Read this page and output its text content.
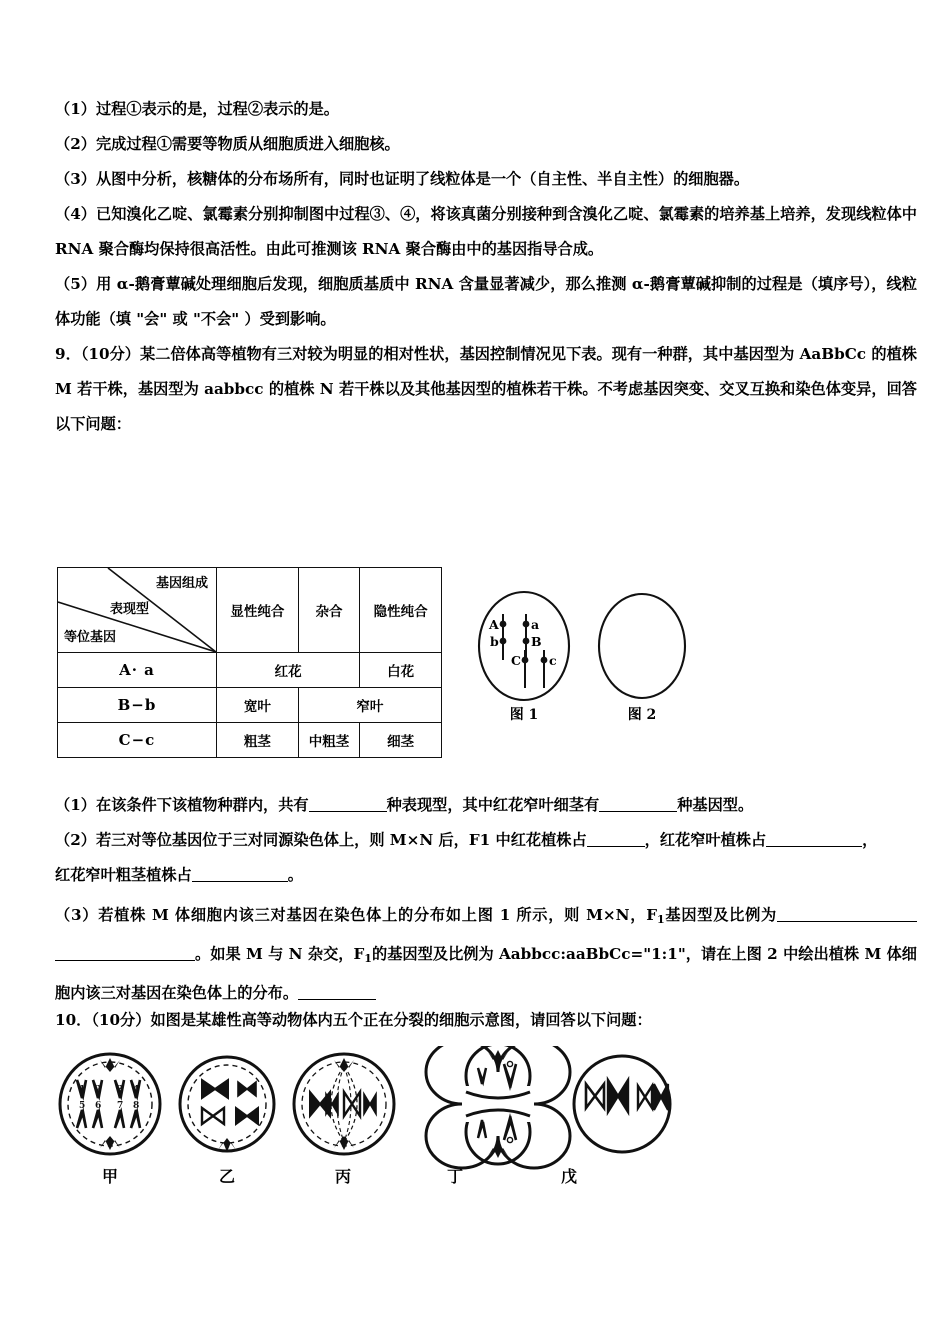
（1）过程①表示的是，过程②表示的是。
（2）完成过程①需要等物质从细胞质进入细胞核。
（3）从图中分析，核糖体的分布场所有，同时也证明了线粒体是一个（自主性、半自主性）的细胞器。
（4）已知溴化乙啶、氯霉素分别抑制图中过程③、④，将该真菌分别接种到含溴化乙啶、氯霉素的培养基上培养，发现线粒体中 RNA 聚合酶均保持很高活性。由此可推测该 RNA 聚合酶由中的基因指导合成。
（5）用 α-鹅膏蕈碱处理细胞后发现，细胞质基质中 RNA 含量显著减少，那么推测 α-鹅膏蕈碱抑制的过程是（填序号），线粒体功能（填 "会" 或 "不会" ）受到影响。
9．（10分）某二倍体高等植物有三对较为明显的相对性状，基因控制情况见下表。现有一种群，其中基因型为 AaBbCc 的植株 M 若干株，基因型为 aabbcc 的植株 N 若干株以及其他基因型的植株若干株。不考虑基因突变、交叉互换和染色体变异，回答以下问题：
基因组成
表现型
等位基因	显性纯合	杂合	隐性纯合
A· a	红花		白花
B−b	宽叶	窄叶	
C−c	粗茎	中粗茎	细茎
A	a
b	B
C c
图 1	图 2
（1）在该条件下该植物种群内，共有	种表现型，其中红花窄叶细茎有	种基因型。
（2）若三对等位基因位于三对同源染色体上，则 M×N 后，F1 中红花植株占	，红花窄叶植株占	，
红花窄叶粗茎植株占	。
（3）若植株 M 体细胞内该三对基因在染色体上的分布如上图 1 所示，则 M×N，$F_1$基因型及比例为。如果 M 与 N 杂交，$F_1$的基因型及比例为 Aabbcc:aaBbCc="1:1"，请在上图 2 中绘出植株 M 体细胞内该三对基因在染色体上的分布。
10．（10分）如图是某雄性高等动物体内五个正在分裂的细胞示意图，请回答以下问题：
5 6 7 8
1 2 3 4
甲	乙	丙	丁	戊
